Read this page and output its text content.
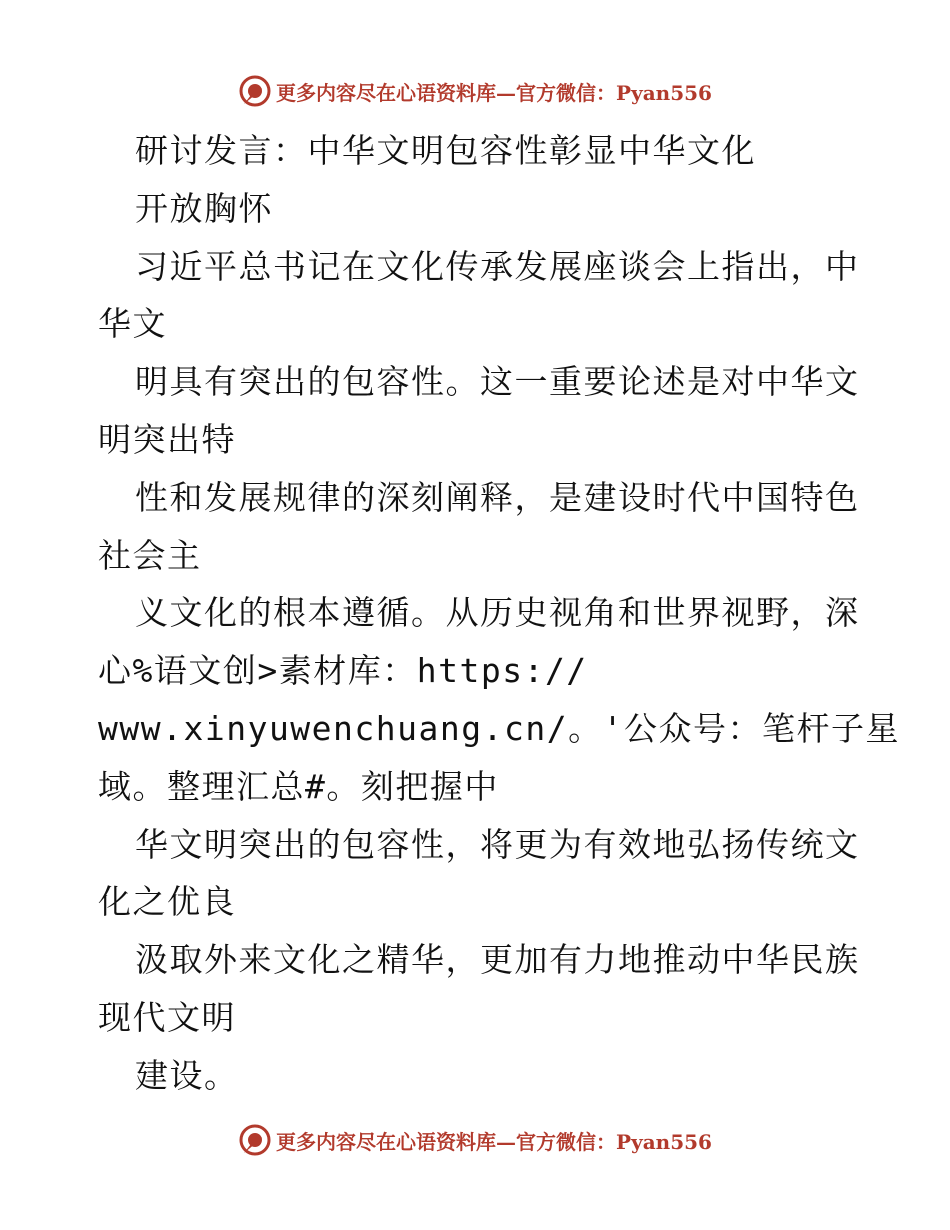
更多内容尽在心语资料库—官方微信：Pyan556
研讨发言：中华文明包容性彰显中华文化
开放胸怀
习近平总书记在文化传承发展座谈会上指出，中
华文
明具有突出的包容性。这一重要论述是对中华文
明突出特
性和发展规律的深刻阐释，是建设时代中国特色
社会主
义文化的根本遵循。从历史视角和世界视野，深
心%语文创>素材库：https://
www.xinyuwenchuang.cn/。'公众号：笔杆子星
域。整理汇总#。刻把握中
华文明突出的包容性，将更为有效地弘扬传统文
化之优良
汲取外来文化之精华，更加有力地推动中华民族
现代文明
建设。
更多内容尽在心语资料库—官方微信：Pyan556
